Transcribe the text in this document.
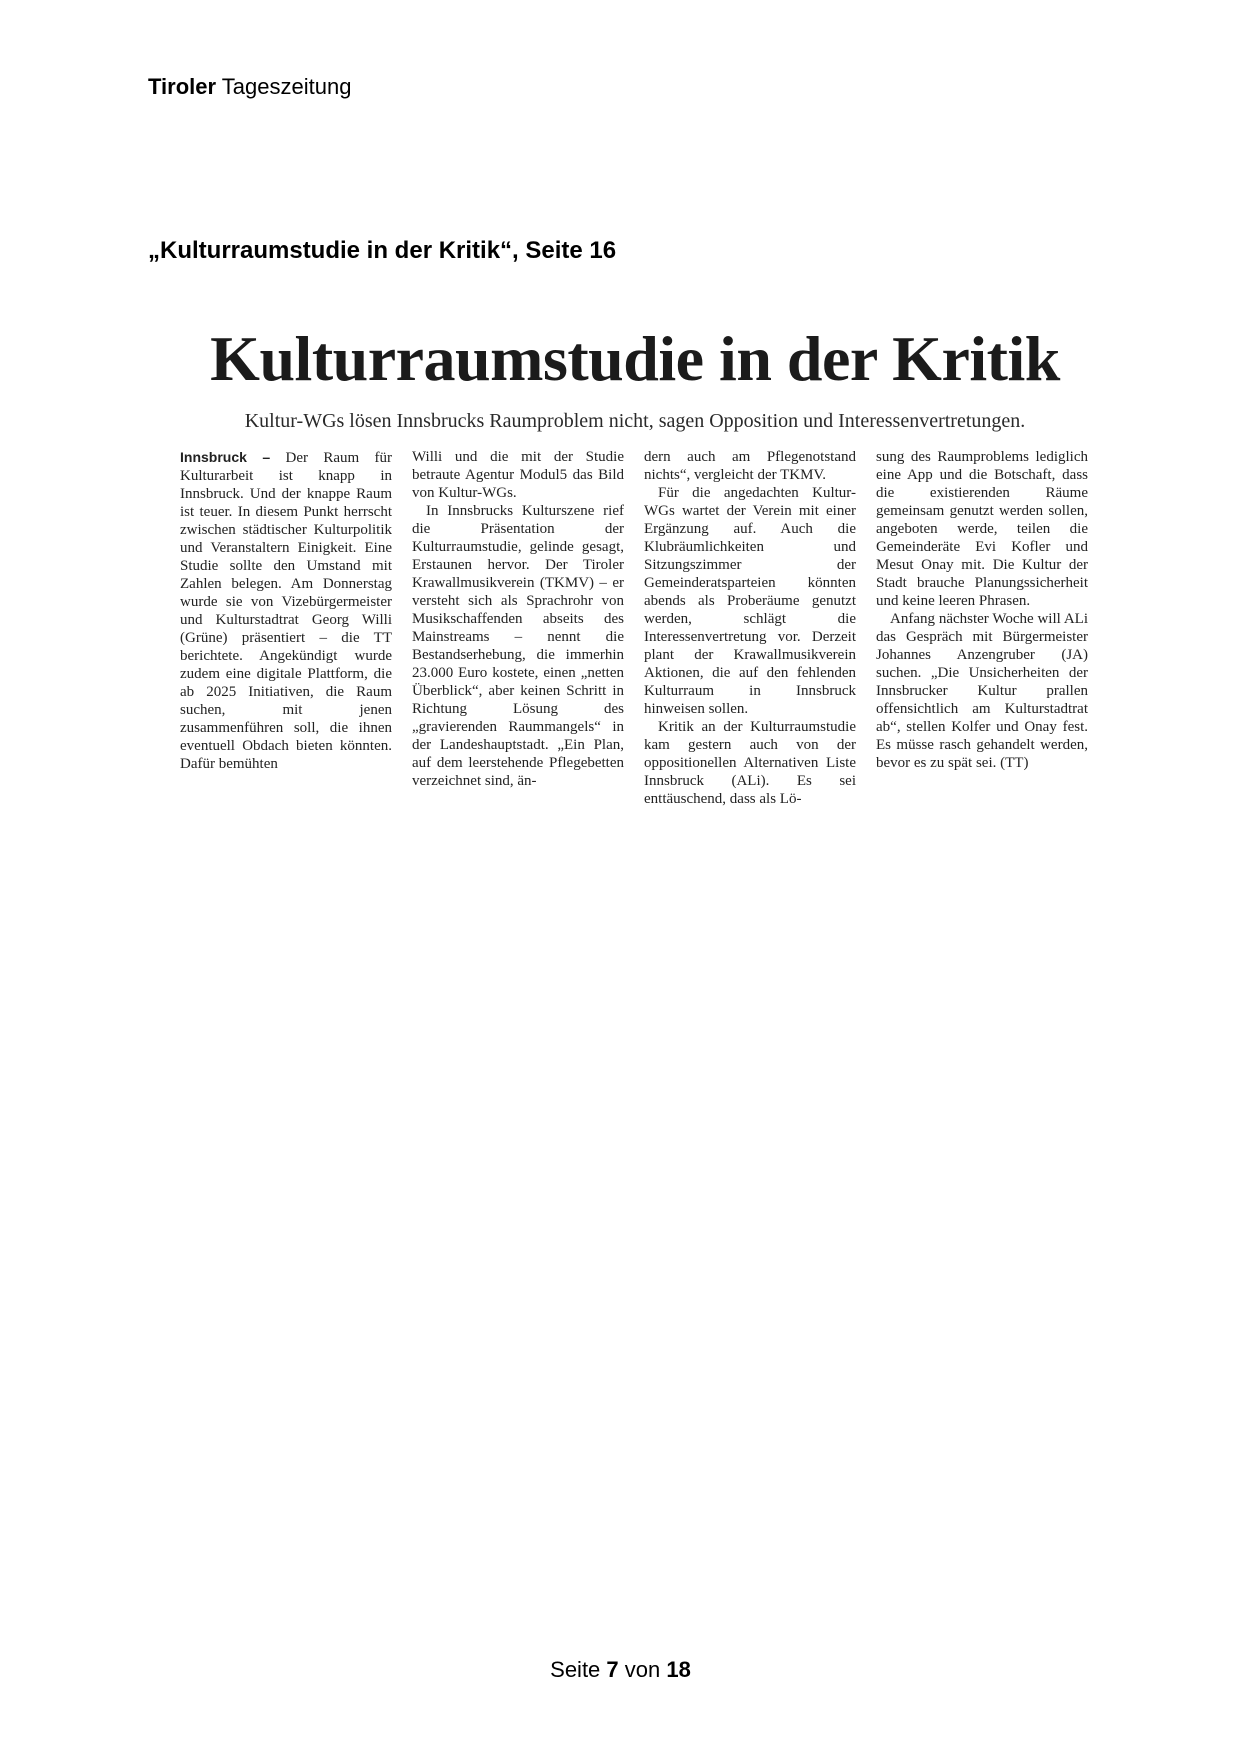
Tiroler Tageszeitung
„Kulturraumstudie in der Kritik“, Seite 16
Kulturraumstudie in der Kritik
Kultur-WGs lösen Innsbrucks Raumproblem nicht, sagen Opposition und Interessenvertretungen.

Innsbruck – Der Raum für Kulturarbeit ist knapp in Innsbruck. Und der knappe Raum ist teuer. In diesem Punkt herrscht zwischen städtischer Kulturpolitik und Veranstaltern Einigkeit. Eine Studie sollte den Umstand mit Zahlen belegen. Am Donnerstag wurde sie von Vizebürgermeister und Kulturstadtrat Georg Willi (Grüne) präsentiert – die TT berichtete. Angekündigt wurde zudem eine digitale Plattform, die ab 2025 Initiativen, die Raum suchen, mit jenen zusammenführen soll, die ihnen eventuell Obdach bieten könnten. Dafür bemühten

Willi und die mit der Studie betraute Agentur Modul5 das Bild von Kultur-WGs.

In Innsbrucks Kulturszene rief die Präsentation der Kulturraumstudie, gelinde gesagt, Erstaunen hervor. Der Tiroler Krawallmusikverein (TKMV) – er versteht sich als Sprachrohr von Musikschaffenden abseits des Mainstreams – nennt die Bestandserhebung, die immerhin 23.000 Euro kostete, einen „netten Überblick“, aber keinen Schritt in Richtung Lösung des „gravierenden Raummangels“ in der Landeshauptstadt. „Ein Plan, auf dem leerstehende Pflegebetten verzeichnet sind, än-

dern auch am Pflegenotstand nichts“, vergleicht der TKMV.

Für die angedachten Kultur-WGs wartet der Verein mit einer Ergänzung auf. Auch die Klubräumlichkeiten und Sitzungszimmer der Gemeinderatsparteien könnten abends als Proberäume genutzt werden, schlägt die Interessenvertretung vor. Derzeit plant der Krawallmusikverein Aktionen, die auf den fehlenden Kulturraum in Innsbruck hinweisen sollen.

Kritik an der Kulturraumstudie kam gestern auch von der oppositionellen Alternativen Liste Innsbruck (ALi). Es sei enttäuschend, dass als Lö-

sung des Raumproblems lediglich eine App und die Botschaft, dass die existierenden Räume gemeinsam genutzt werden sollen, angeboten werde, teilen die Gemeinderäte Evi Kofler und Mesut Onay mit. Die Kultur der Stadt brauche Planungssicherheit und keine leeren Phrasen.

Anfang nächster Woche will ALi das Gespräch mit Bürgermeister Johannes Anzengruber (JA) suchen. „Die Unsicherheiten der Innsbrucker Kultur prallen offensichtlich am Kulturstadtrat ab“, stellen Kolfer und Onay fest. Es müsse rasch gehandelt werden, bevor es zu spät sei. (TT)

Seite 7 von 18
